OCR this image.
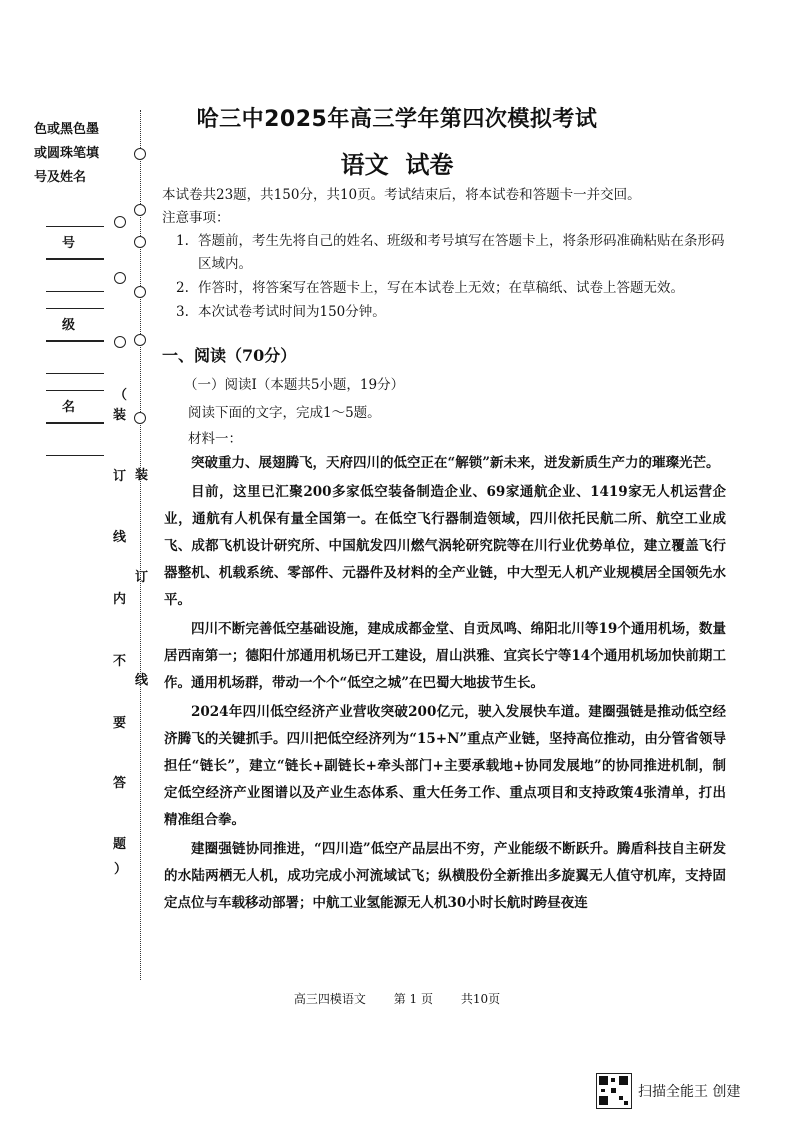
色或黑色墨
或圆珠笔填
号及姓名
号
级
名
（
装
订
线
内
不
要
答
题
）
装
订
线
哈三中2025年高三学年第四次模拟考试
语文  试卷
本试卷共23题，共150分，共10页。考试结束后，将本试卷和答题卡一并交回。
注意事项：
1. 答题前，考生先将自己的姓名、班级和考号填写在答题卡上，将条形码准确粘贴在条形码区域内。
2. 作答时，将答案写在答题卡上，写在本试卷上无效；在草稿纸、试卷上答题无效。
3. 本次试卷考试时间为150分钟。
一、阅读（70分）
（一）阅读Ⅰ（本题共5小题，19分）
阅读下面的文字，完成1～5题。
材料一：

突破重力、展翅腾飞，天府四川的低空正在“解锁”新未来，迸发新质生产力的璀璨光芒。

目前，这里已汇聚200多家低空装备制造企业、69家通航企业、1419家无人机运营企业，通航有人机保有量全国第一。在低空飞行器制造领域，四川依托民航二所、航空工业成飞、成都飞机设计研究所、中国航发四川燃气涡轮研究院等在川行业优势单位，建立覆盖飞行器整机、机载系统、零部件、元器件及材料的全产业链，中大型无人机产业规模居全国领先水平。

四川不断完善低空基础设施，建成成都金堂、自贡凤鸣、绵阳北川等19个通用机场，数量居西南第一；德阳什邡通用机场已开工建设，眉山洪雅、宜宾长宁等14个通用机场加快前期工作。通用机场群，带动一个个“低空之城”在巴蜀大地拔节生长。

2024年四川低空经济产业营收突破200亿元，驶入发展快车道。建圈强链是推动低空经济腾飞的关键抓手。四川把低空经济列为“15+N”重点产业链，坚持高位推动，由分管省领导担任“链长”，建立“链长+副链长+牵头部门+主要承载地+协同发展地”的协同推进机制，制定低空经济产业图谱以及产业生态体系、重大任务工作、重点项目和支持政策4张清单，打出精准组合拳。

建圈强链协同推进，“四川造”低空产品层出不穷，产业能级不断跃升。腾盾科技自主研发的水陆两栖无人机，成功完成小河流域试飞；纵横股份全新推出多旋翼无人值守机库，支持固定点位与车载移动部署；中航工业氢能源无人机30小时长航时跨昼夜连

高三四模语文 第 1 页 共10页
扫描全能王 创建
